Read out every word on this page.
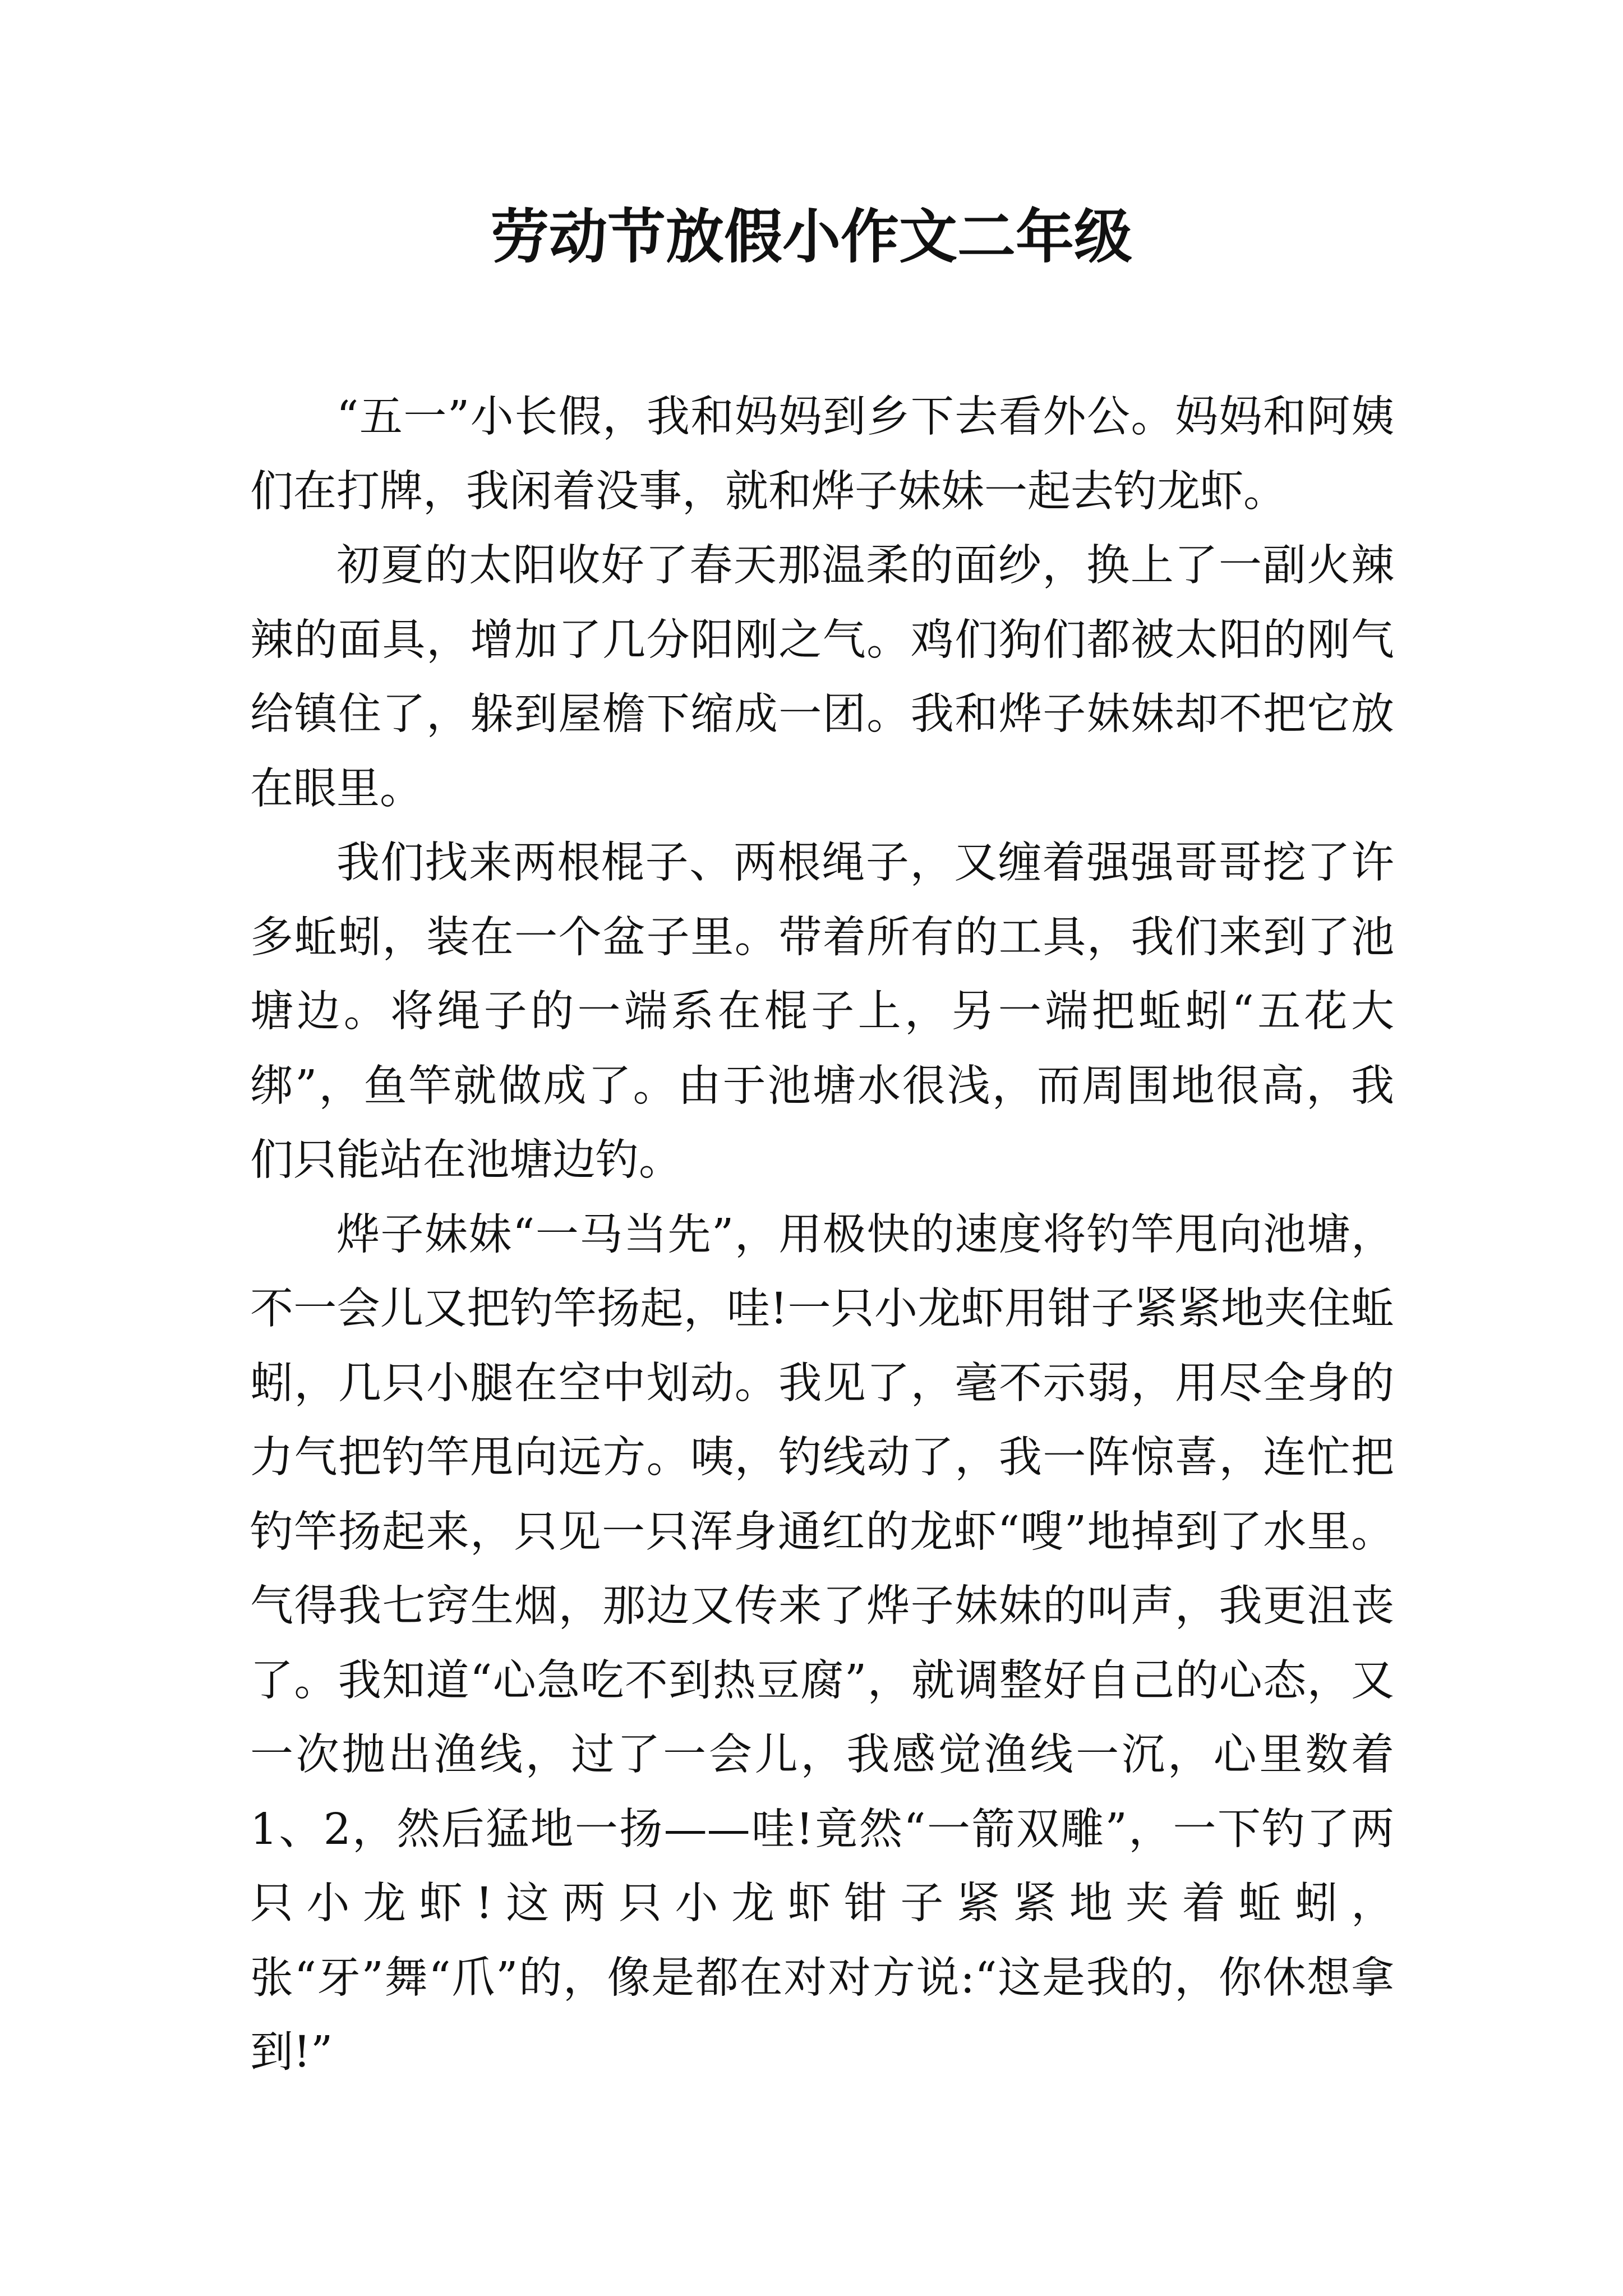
劳动节放假小作文二年级

“五一”小长假，我和妈妈到乡下去看外公。妈妈和阿姨们在打牌，我闲着没事，就和烨子妹妹一起去钓龙虾。

初夏的太阳收好了春天那温柔的面纱，换上了一副火辣辣的面具，增加了几分阳刚之气。鸡们狗们都被太阳的刚气给镇住了，躲到屋檐下缩成一团。我和烨子妹妹却不把它放在眼里。

我们找来两根棍子、两根绳子，又缠着强强哥哥挖了许多蚯蚓，装在一个盆子里。带着所有的工具，我们来到了池塘边。将绳子的一端系在棍子上，另一端把蚯蚓“五花大绑”，鱼竿就做成了。由于池塘水很浅，而周围地很高，我们只能站在池塘边钓。

烨子妹妹“一马当先”，用极快的速度将钓竿甩向池塘，不一会儿又把钓竿扬起，哇!一只小龙虾用钳子紧紧地夹住蚯蚓，几只小腿在空中划动。我见了，毫不示弱，用尽全身的力气把钓竿甩向远方。咦，钓线动了，我一阵惊喜，连忙把钓竿扬起来，只见一只浑身通红的龙虾“嗖”地掉到了水里。气得我七窍生烟，那边又传来了烨子妹妹的叫声，我更沮丧了。我知道“心急吃不到热豆腐”，就调整好自己的心态，又一次抛出渔线，过了一会儿，我感觉渔线一沉，心里数着1、2，然后猛地一扬——哇!竟然“一箭双雕”，一下钓了两只小龙虾!这两只小龙虾钳子紧紧地夹着蚯蚓，张“牙”舞“爪”的，像是都在对对方说:“这是我的，你休想拿到!”
